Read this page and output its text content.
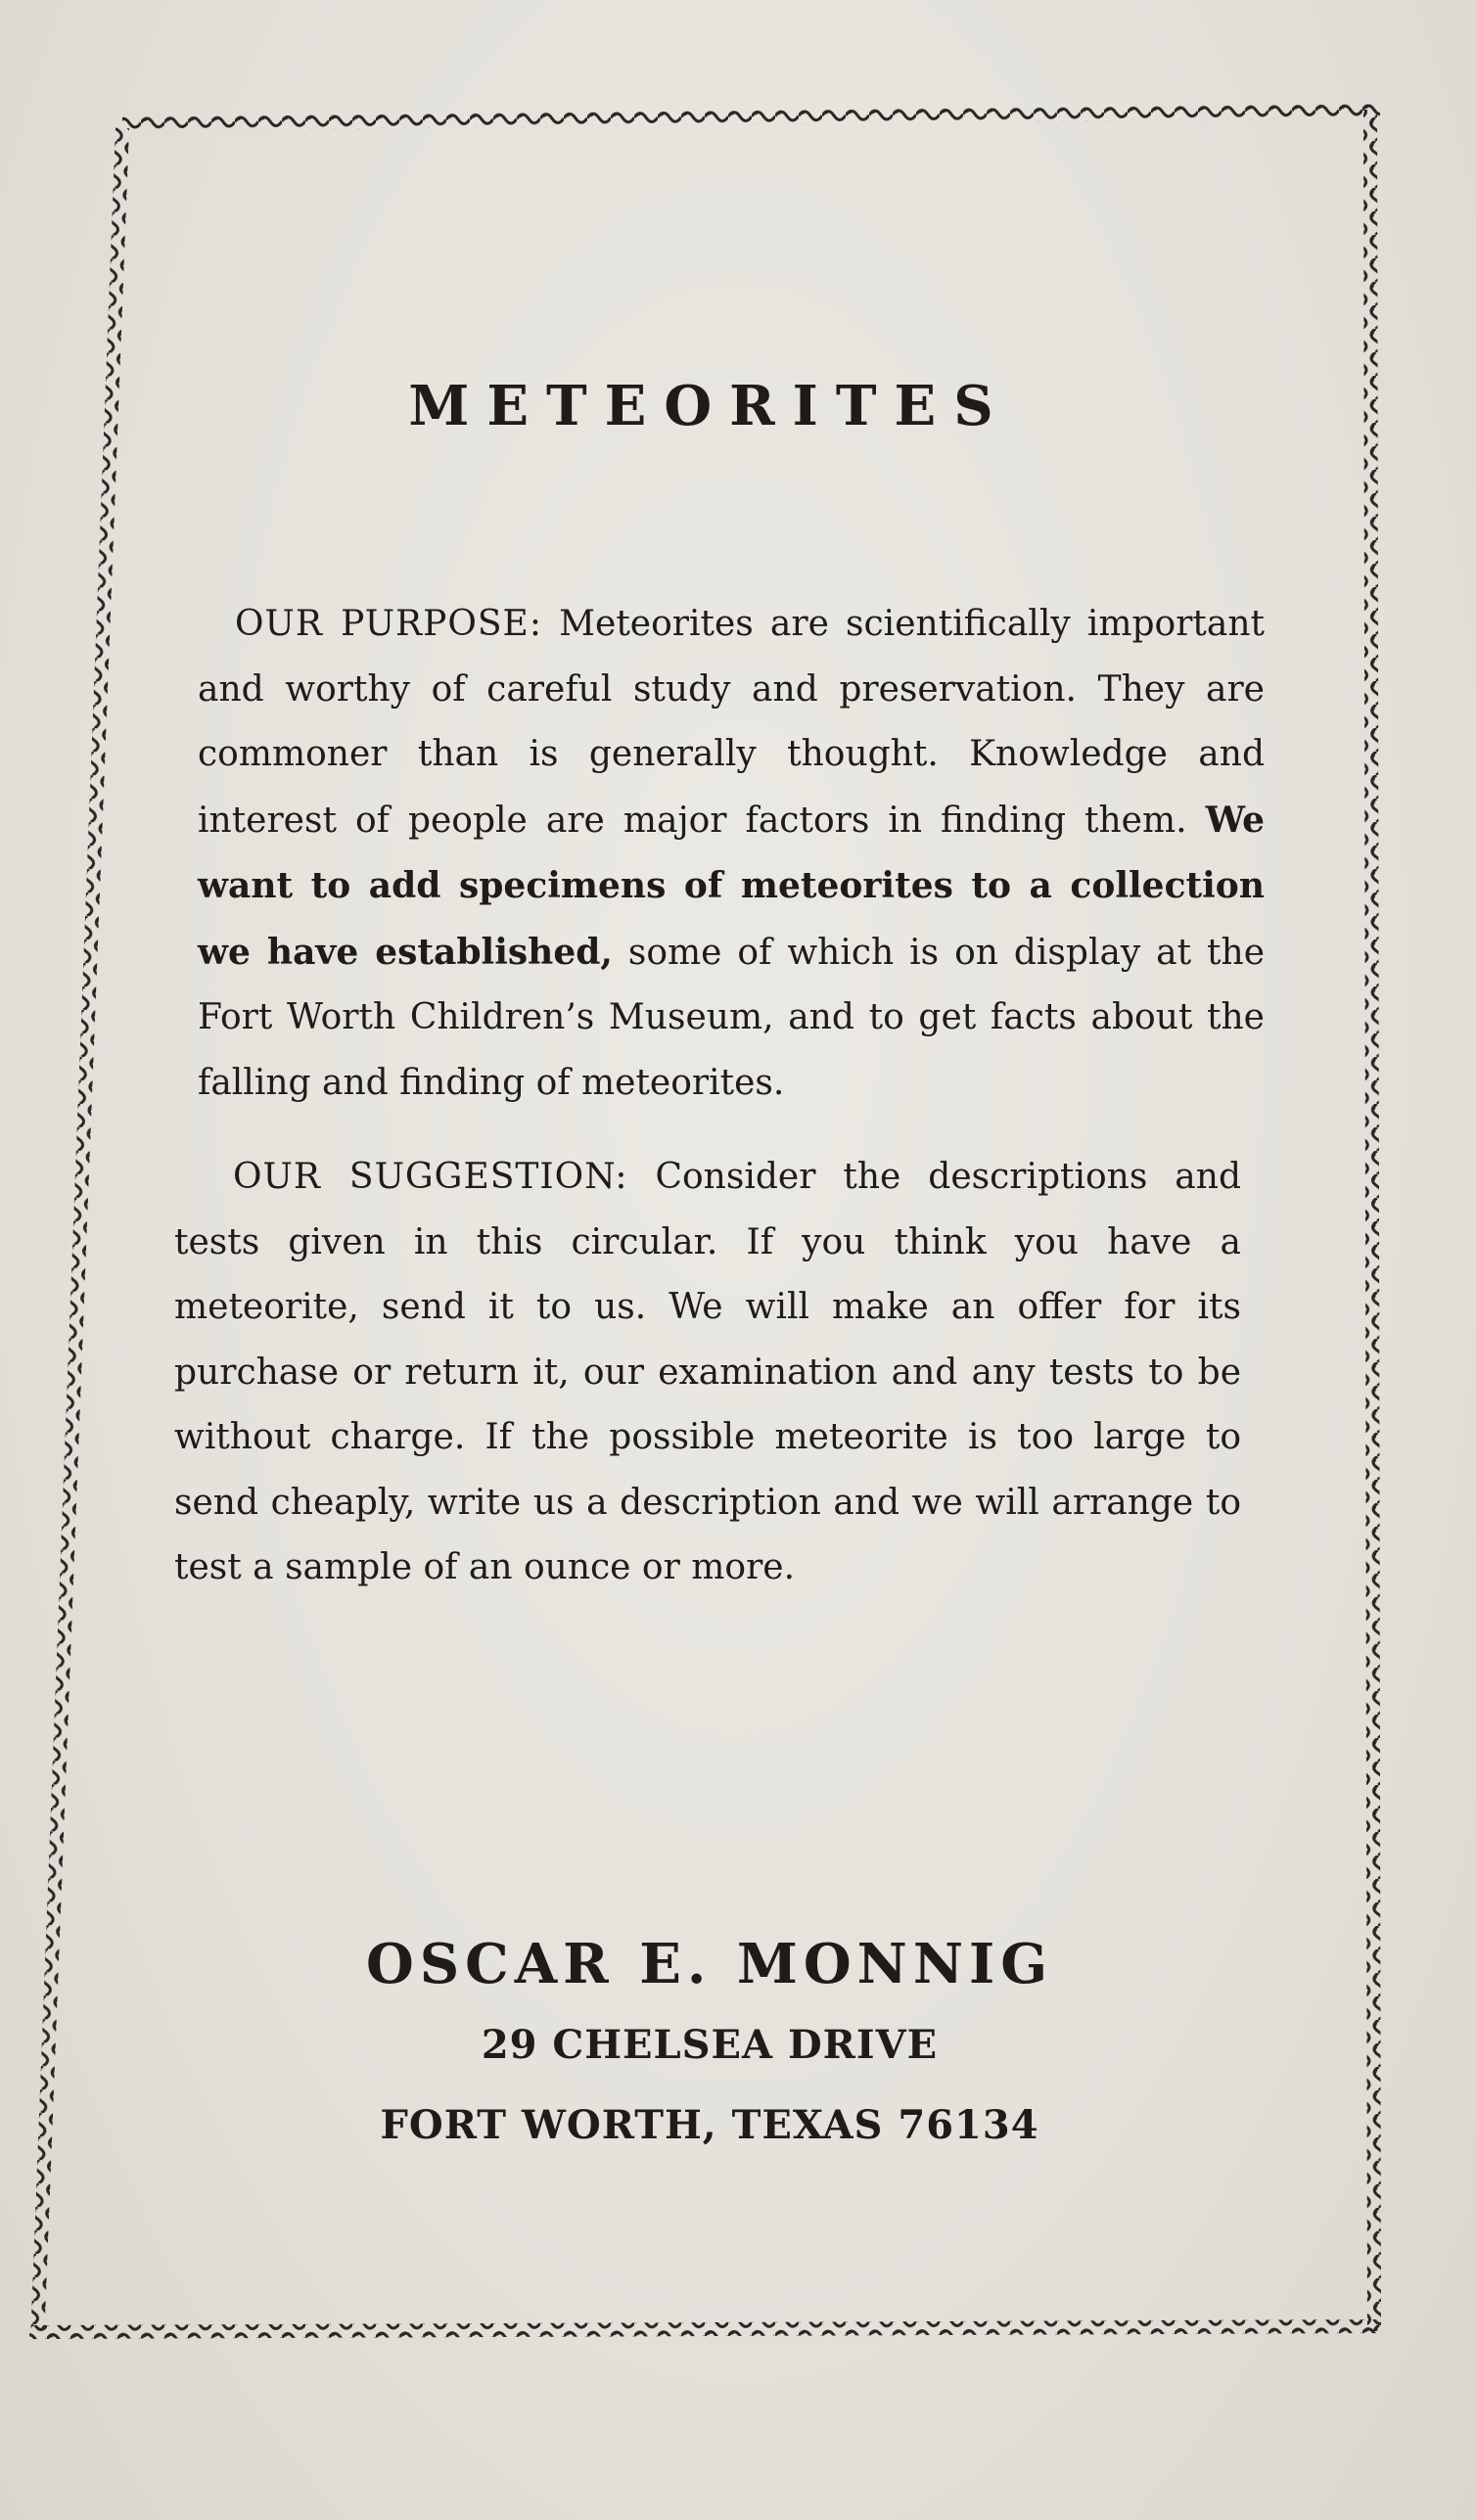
METEORITES

OUR PURPOSE: Meteorites are scientifically important and worthy of careful study and preservation. They are commoner than is generally thought. Knowledge and interest of people are major factors in finding them. We want to add specimens of meteorites to a collection we have established, some of which is on display at the Fort Worth Children’s Museum, and to get facts about the falling and finding of meteorites.

OUR SUGGESTION: Consider the descriptions and tests given in this circular. If you think you have a meteorite, send it to us. We will make an offer for its purchase or return it, our examination and any tests to be without charge. If the possible meteorite is too large to send cheaply, write us a description and we will arrange to test a sample of an ounce or more.

OSCAR E. MONNIG

29 CHELSEA DRIVE

FORT WORTH, TEXAS 76134
